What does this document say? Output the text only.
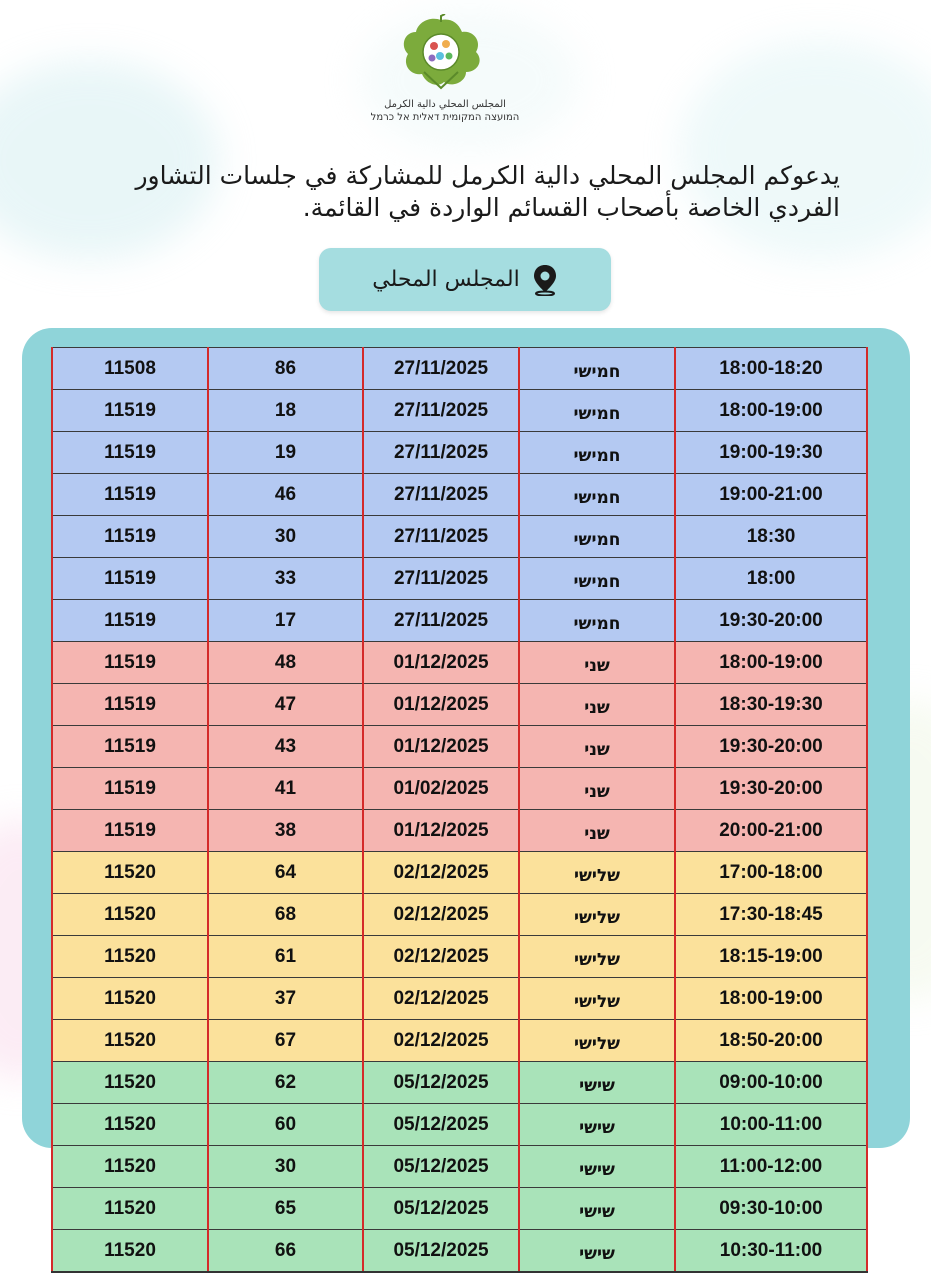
المجلس المحلي دالية الكرمل
המועצה המקומית דאלית אל כרמל
يدعوكم المجلس المحلي دالية الكرمل للمشاركة في جلسات التشاور
الفردي الخاصة بأصحاب القسائم الواردة في القائمة.
المجلس المحلي
11508	86	27/11/2025	חמישי	18:00-18:20
11519	18	27/11/2025	חמישי	18:00-19:00
11519	19	27/11/2025	חמישי	19:00-19:30
11519	46	27/11/2025	חמישי	19:00-21:00
11519	30	27/11/2025	חמישי	18:30
11519	33	27/11/2025	חמישי	18:00
11519	17	27/11/2025	חמישי	19:30-20:00
11519	48	01/12/2025	שני	18:00-19:00
11519	47	01/12/2025	שני	18:30-19:30
11519	43	01/12/2025	שני	19:30-20:00
11519	41	01/02/2025	שני	19:30-20:00
11519	38	01/12/2025	שני	20:00-21:00
11520	64	02/12/2025	שלישי	17:00-18:00
11520	68	02/12/2025	שלישי	17:30-18:45
11520	61	02/12/2025	שלישי	18:15-19:00
11520	37	02/12/2025	שלישי	18:00-19:00
11520	67	02/12/2025	שלישי	18:50-20:00
11520	62	05/12/2025	שישי	09:00-10:00
11520	60	05/12/2025	שישי	10:00-11:00
11520	30	05/12/2025	שישי	11:00-12:00
11520	65	05/12/2025	שישי	09:30-10:00
11520	66	05/12/2025	שישי	10:30-11:00
